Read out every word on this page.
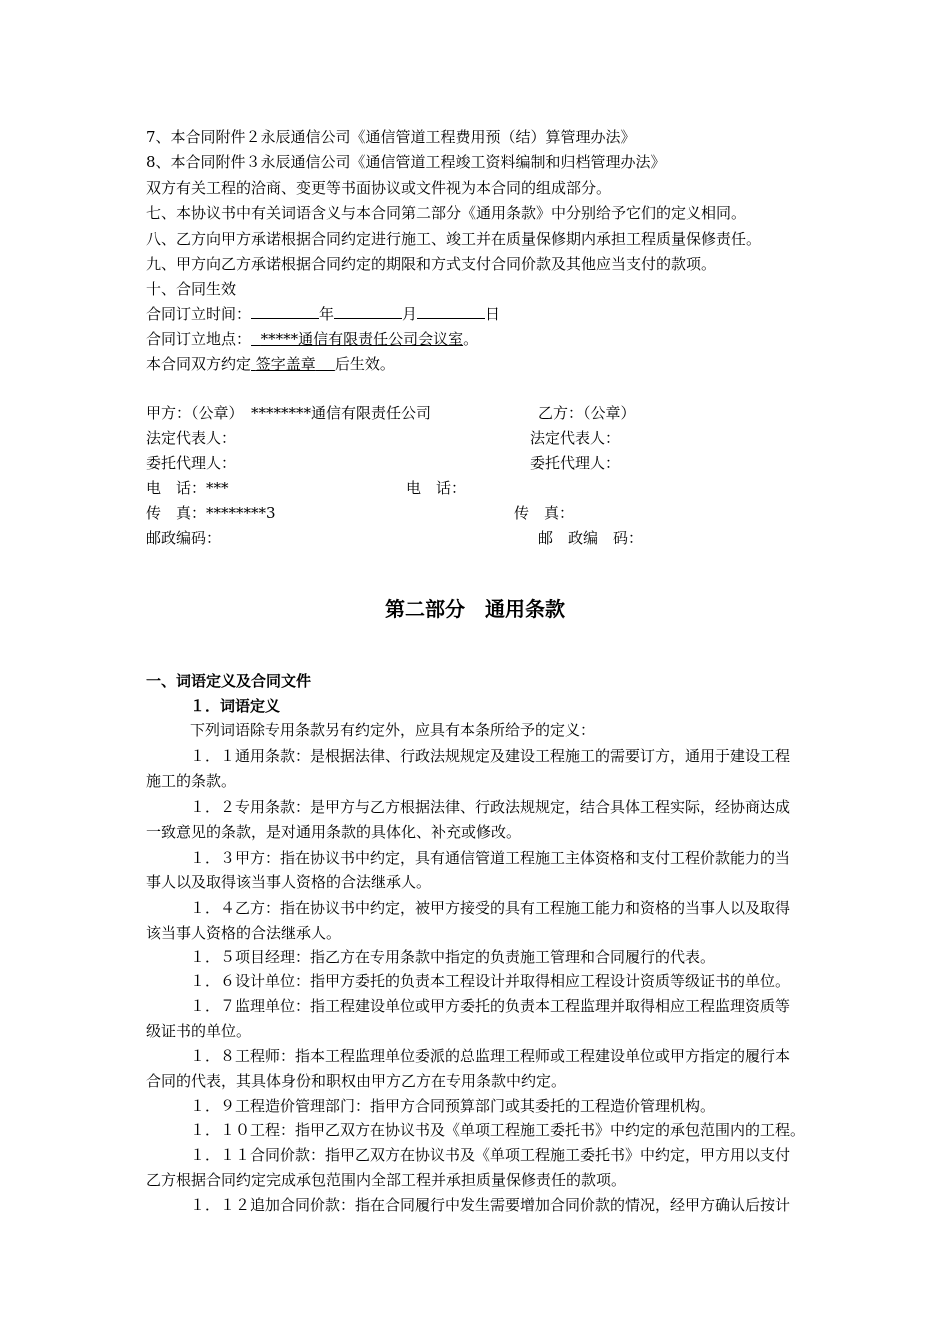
7、本合同附件２永辰通信公司《通信管道工程费用预（结）算管理办法》
8、本合同附件３永辰通信公司《通信管道工程竣工资料编制和归档管理办法》
双方有关工程的洽商、变更等书面协议或文件视为本合同的组成部分。
七、本协议书中有关词语含义与本合同第二部分《通用条款》中分别给予它们的定义相同。
八、乙方向甲方承诺根据合同约定进行施工、竣工并在质量保修期内承担工程质量保修责任。
九、甲方向乙方承诺根据合同约定的期限和方式支付合同价款及其他应当支付的款项。
十、合同生效
合同订立时间：	年	月	日
合同订立地点： *****通信有限责任公司会议室。
本合同双方约定 签字盖章 后生效。
甲方：（公章）　********通信有限责任公司	乙方：（公章）
法定代表人：	法定代表人：
委托代理人：	委托代理人：
电　话：***	电　话：
传　真：********3	传　真：
邮政编码：	邮　政编　码：
第二部分　通用条款
一、词语定义及合同文件
１．词语定义
下列词语除专用条款另有约定外，应具有本条所给予的定义：
１．１通用条款：是根据法律、行政法规规定及建设工程施工的需要订方，通用于建设工程
施工的条款。
１．２专用条款：是甲方与乙方根据法律、行政法规规定，结合具体工程实际，经协商达成
一致意见的条款，是对通用条款的具体化、补充或修改。
１．３甲方：指在协议书中约定，具有通信管道工程施工主体资格和支付工程价款能力的当
事人以及取得该当事人资格的合法继承人。
１．４乙方：指在协议书中约定，被甲方接受的具有工程施工能力和资格的当事人以及取得
该当事人资格的合法继承人。
１．５项目经理：指乙方在专用条款中指定的负责施工管理和合同履行的代表。
１．６设计单位：指甲方委托的负责本工程设计并取得相应工程设计资质等级证书的单位。
１．７监理单位：指工程建设单位或甲方委托的负责本工程监理并取得相应工程监理资质等
级证书的单位。
１．８工程师：指本工程监理单位委派的总监理工程师或工程建设单位或甲方指定的履行本
合同的代表，其具体身份和职权由甲方乙方在专用条款中约定。
１．９工程造价管理部门：指甲方合同预算部门或其委托的工程造价管理机构。
１．１０工程：指甲乙双方在协议书及《单项工程施工委托书》中约定的承包范围内的工程。
１．１１合同价款：指甲乙双方在协议书及《单项工程施工委托书》中约定，甲方用以支付
乙方根据合同约定完成承包范围内全部工程并承担质量保修责任的款项。
１．１２追加合同价款：指在合同履行中发生需要增加合同价款的情况，经甲方确认后按计
